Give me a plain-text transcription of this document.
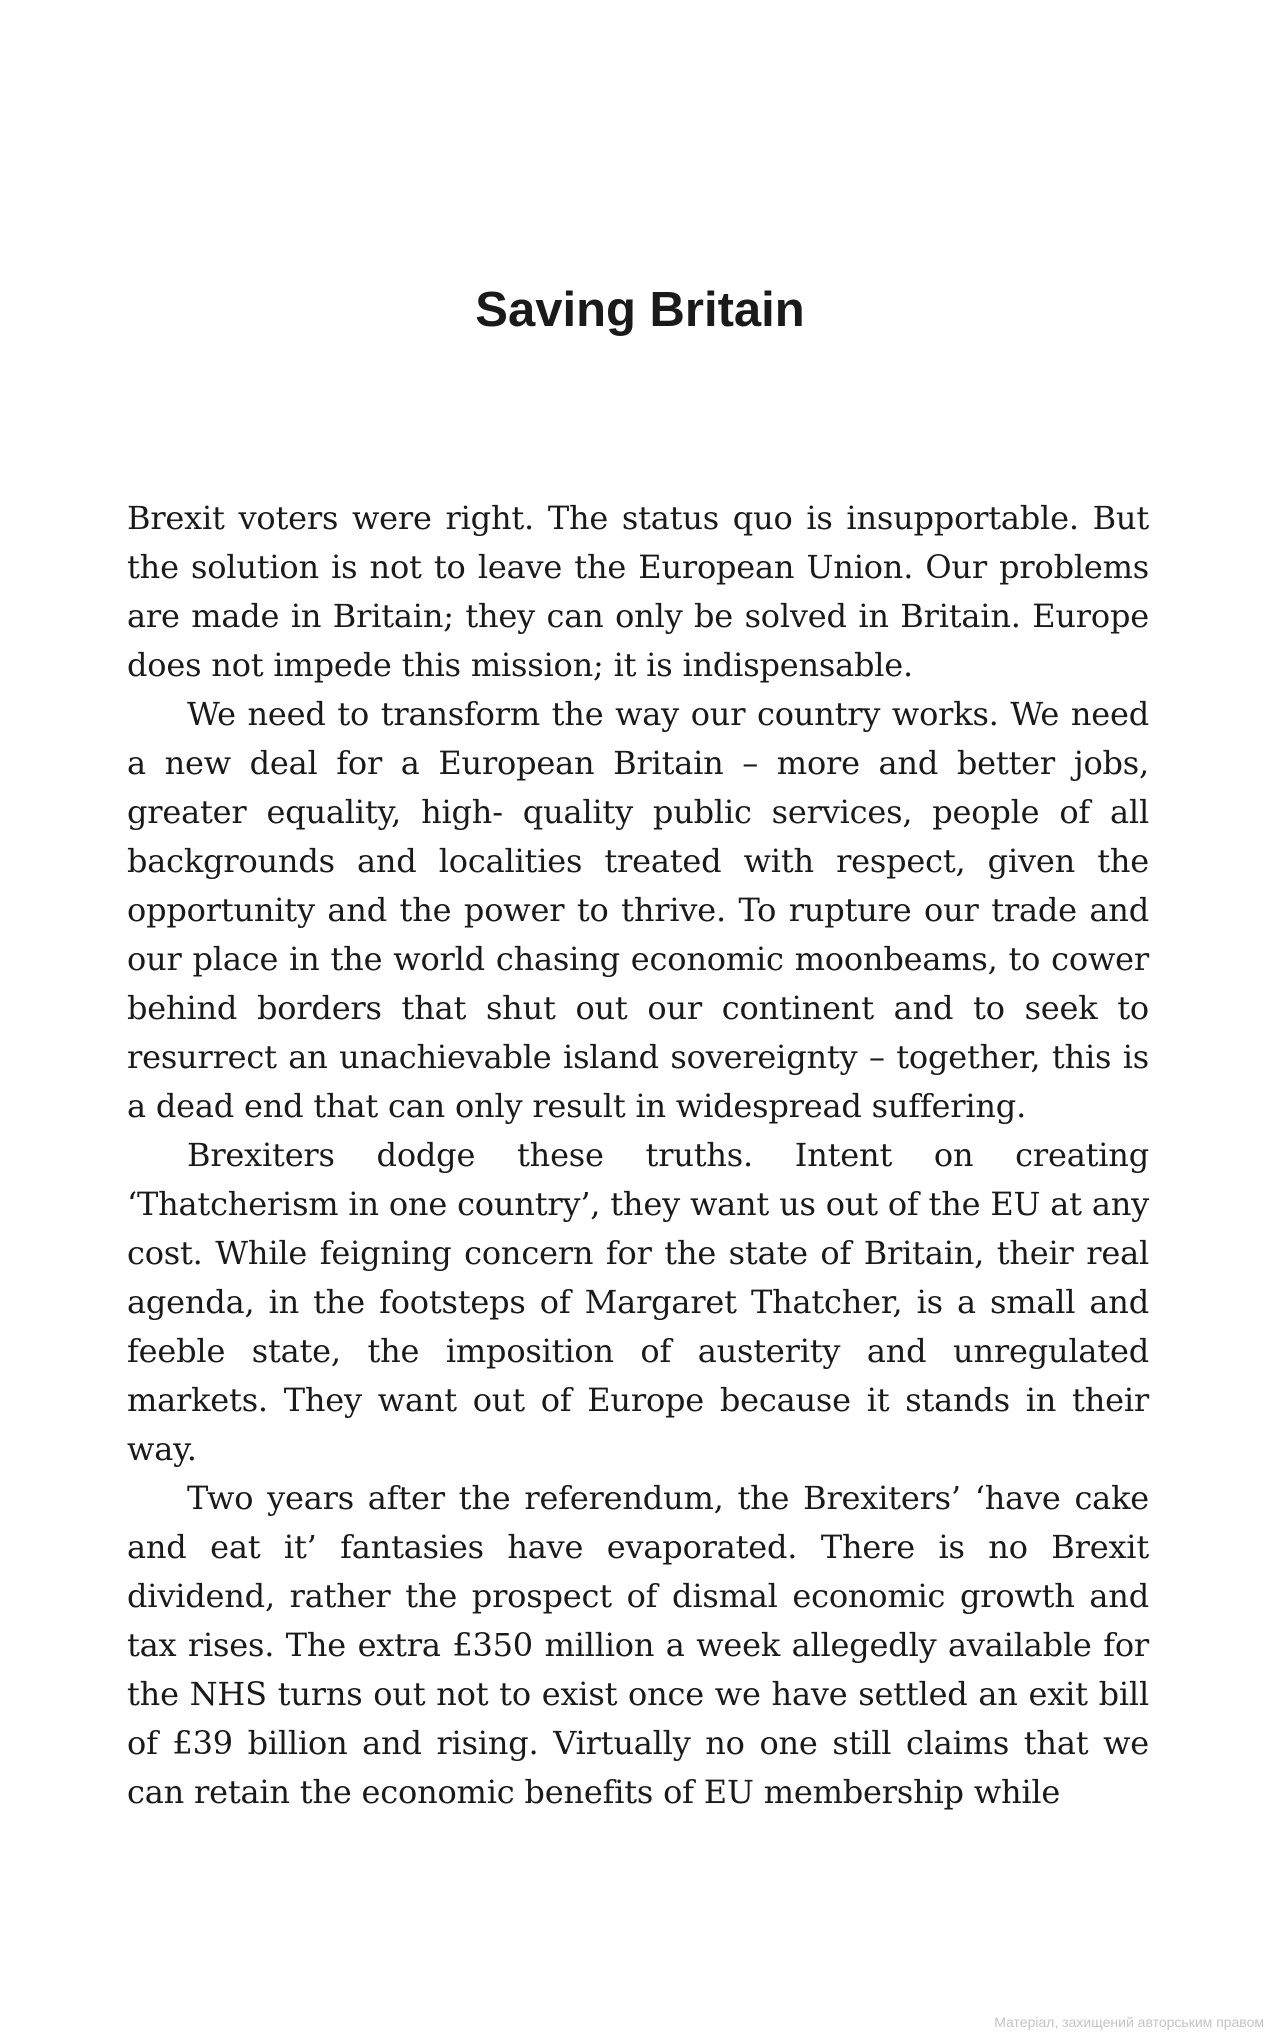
Saving Britain

Brexit voters were right. The status quo is insupportable. But the solution is not to leave the European Union. Our problems are made in Britain; they can only be solved in Britain. Europe does not impede this mission; it is indispensable.

We need to transform the way our country works. We need a new deal for a European Britain – more and better jobs, greater equality, high- quality public services, people of all backgrounds and localities treated with respect, given the opportunity and the power to thrive. To rupture our trade and our place in the world chasing economic moonbeams, to cower behind borders that shut out our continent and to seek to resurrect an unachievable island sovereignty – together, this is a dead end that can only result in widespread suffering.

Brexiters dodge these truths. Intent on creating ‘Thatcherism in one country’, they want us out of the EU at any cost. While feigning concern for the state of Britain, their real agenda, in the footsteps of Margaret Thatcher, is a small and feeble state, the imposition of austerity and unregulated markets. They want out of Europe because it stands in their way.

Two years after the referendum, the Brexiters’ ‘have cake and eat it’ fantasies have evaporated. There is no Brexit dividend, rather the prospect of dismal economic growth and tax rises. The extra £350 million a week allegedly available for the NHS turns out not to exist once we have settled an exit bill of £39 billion and rising. Virtually no one still claims that we can retain the economic benefits of EU membership while

Матеріал, захищений авторським правом
